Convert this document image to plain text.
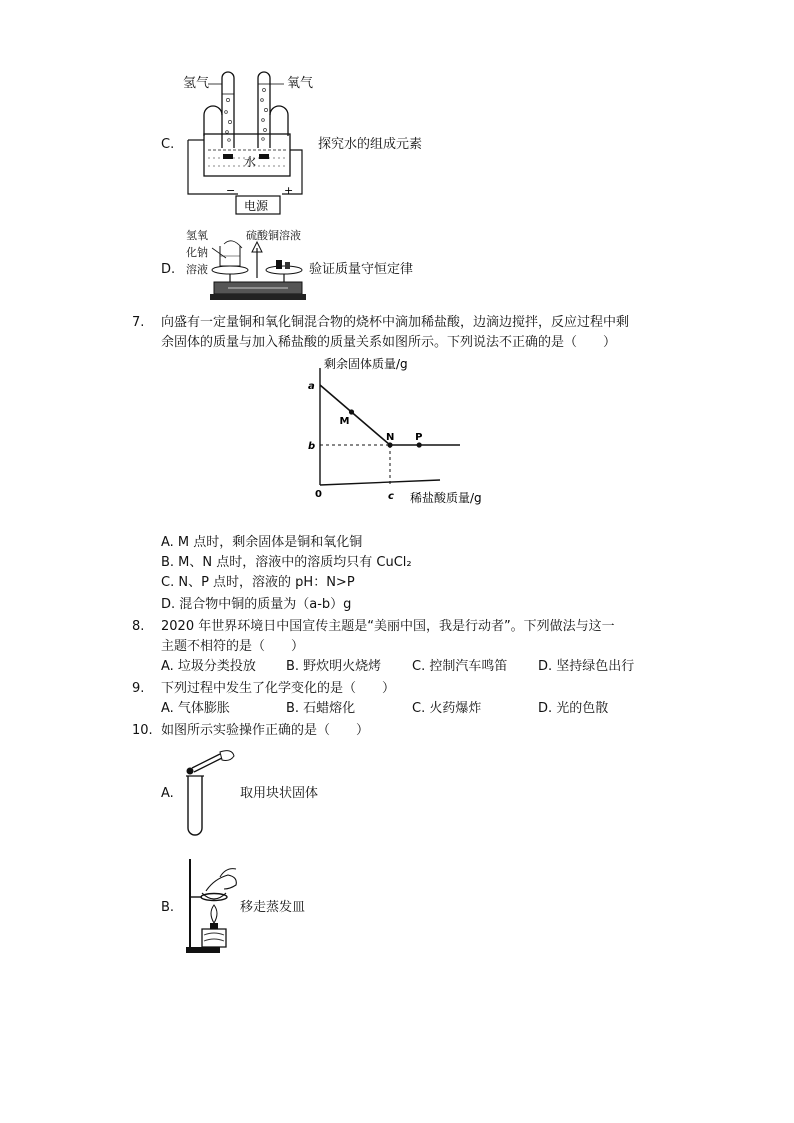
C.
水
−	+
电源
氢气	氧气
探究水的组成元素
D.
氢氧
化钠
溶液
硫酸铜溶液
验证质量守恒定律
7. 向盛有一定量铜和氧化铜混合物的烧杯中滴加稀盐酸，边滴边搅拌，反应过程中剩
余固体的质量与加入稀盐酸的质量关系如图所示。下列说法不正确的是（　　）
a
b
c
M
N P
剩余固体质量/g
稀盐酸质量/g
0
A. M 点时，剩余固体是铜和氧化铜
B. M、N 点时，溶液中的溶质均只有 CuCl₂
C. N、P 点时，溶液的 pH：N>P
D. 混合物中铜的质量为（a-b）g
8. 2020 年世界环境日中国宣传主题是“美丽中国，我是行动者”。下列做法与这一
主题不相符的是（　　）
A. 垃圾分类投放 B. 野炊明火烧烤 C. 控制汽车鸣笛 D. 坚持绿色出行
9. 下列过程中发生了化学变化的是（　　）
A. 气体膨胀	B. 石蜡熔化	C. 火药爆炸	D. 光的色散
10. 如图所示实验操作正确的是（　　）
A.	取用块状固体
B.	移走蒸发皿
